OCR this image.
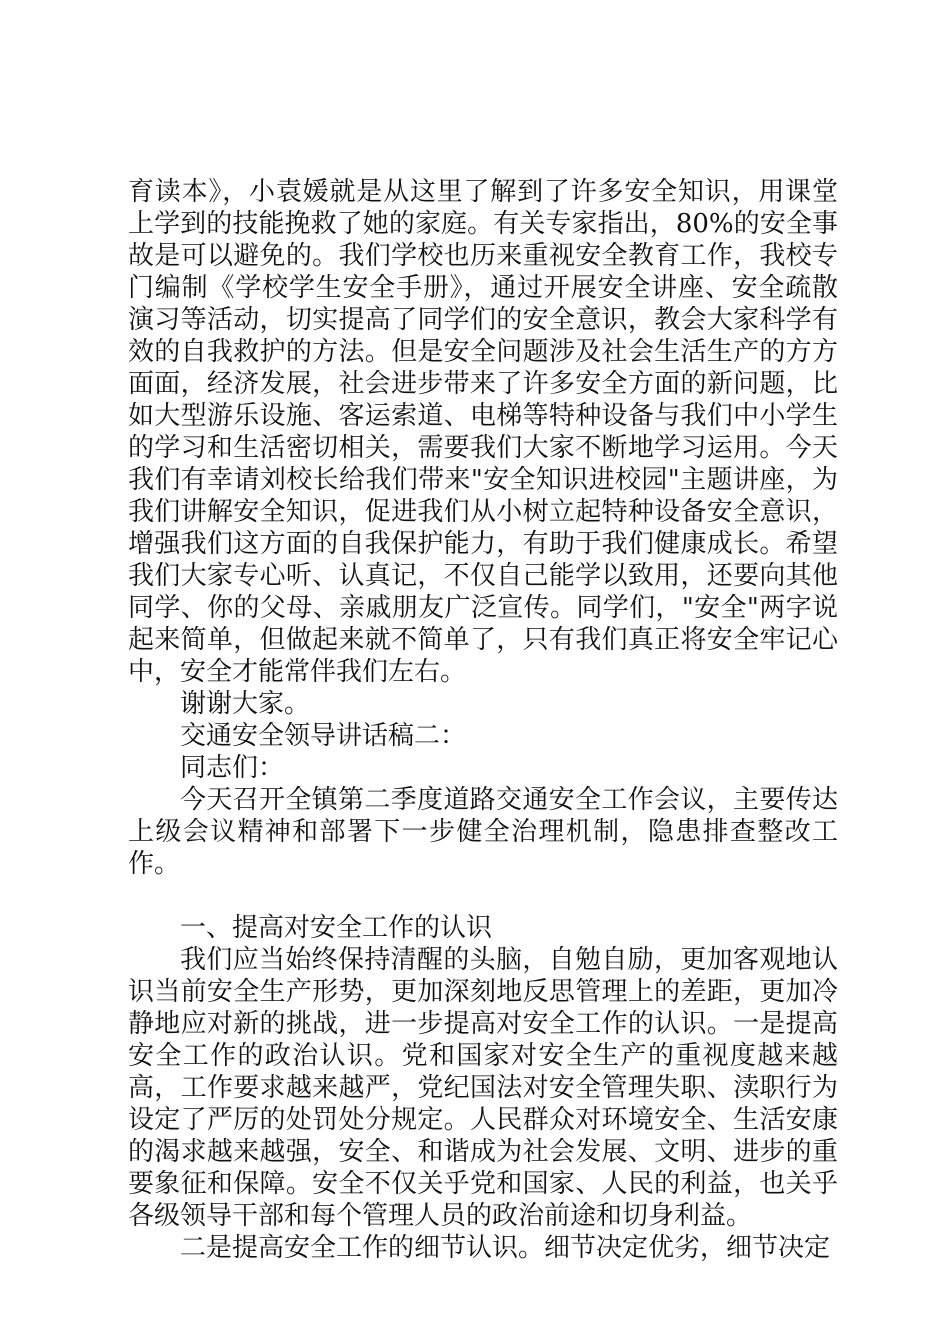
育读本》，小袁媛就是从这里了解到了许多安全知识，用课堂上学到的技能挽救了她的家庭。有关专家指出，80%的安全事故是可以避免的。我们学校也历来重视安全教育工作，我校专门编制《学校学生安全手册》，通过开展安全讲座、安全疏散演习等活动，切实提高了同学们的安全意识，教会大家科学有效的自我救护的方法。但是安全问题涉及社会生活生产的方方面面，经济发展，社会进步带来了许多安全方面的新问题，比如大型游乐设施、客运索道、电梯等特种设备与我们中小学生的学习和生活密切相关，需要我们大家不断地学习运用。今天我们有幸请刘校长给我们带来"安全知识进校园"主题讲座，为我们讲解安全知识，促进我们从小树立起特种设备安全意识，增强我们这方面的自我保护能力，有助于我们健康成长。希望我们大家专心听、认真记，不仅自己能学以致用，还要向其他同学、你的父母、亲戚朋友广泛宣传。同学们，"安全"两字说起来简单，但做起来就不简单了，只有我们真正将安全牢记心中，安全才能常伴我们左右。

谢谢大家。

交通安全领导讲话稿二：

同志们：

今天召开全镇第二季度道路交通安全工作会议，主要传达上级会议精神和部署下一步健全治理机制，隐患排查整改工作。

一、提高对安全工作的认识

我们应当始终保持清醒的头脑，自勉自励，更加客观地认识当前安全生产形势，更加深刻地反思管理上的差距，更加冷静地应对新的挑战，进一步提高对安全工作的认识。一是提高安全工作的政治认识。党和国家对安全生产的重视度越来越高，工作要求越来越严，党纪国法对安全管理失职、渎职行为设定了严厉的处罚处分规定。人民群众对环境安全、生活安康的渴求越来越强，安全、和谐成为社会发展、文明、进步的重要象征和保障。安全不仅关乎党和国家、人民的利益，也关乎各级领导干部和每个管理人员的政治前途和切身利益。

二是提高安全工作的细节认识。细节决定优劣，细节决定
